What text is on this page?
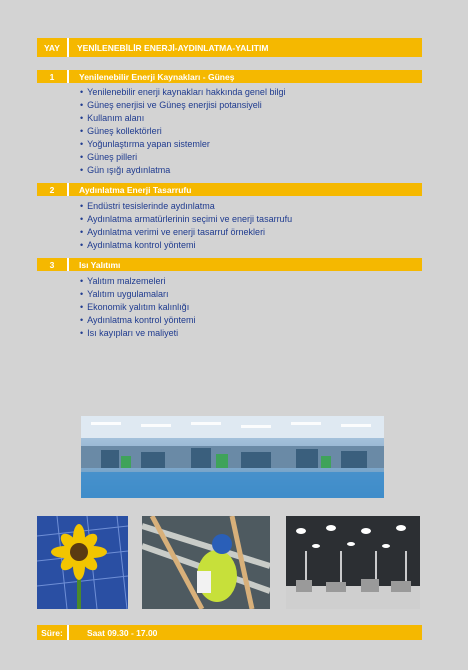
YAY	YENİLENEBİLİR ENERJİ-AYDINLATMA-YALITIM
1	Yenilenebilir Enerji Kaynakları - Güneş
• Yenilenebilir enerji kaynakları hakkında genel bilgi
• Güneş enerjisi ve Güneş enerjisi potansiyeli
• Kullanım alanı
• Güneş kollektörleri
• Yoğunlaştırma yapan sistemler
• Güneş pilleri
• Gün ışığı aydınlatma
2	Aydınlatma Enerji Tasarrufu
• Endüstri tesislerinde aydınlatma
• Aydınlatma armatürlerinin seçimi ve enerji tasarrufu
• Aydınlatma verimi ve enerji tasarruf örnekleri
• Aydınlatma kontrol yöntemi
3	Isı Yalıtımı
• Yalıtım malzemeleri
• Yalıtım uygulamaları
• Ekonomik yalıtım kalınlığı
• Aydınlatma kontrol yöntemi
• Isı kayıpları ve maliyeti
Süre:	Saat 09.30 - 17.00
